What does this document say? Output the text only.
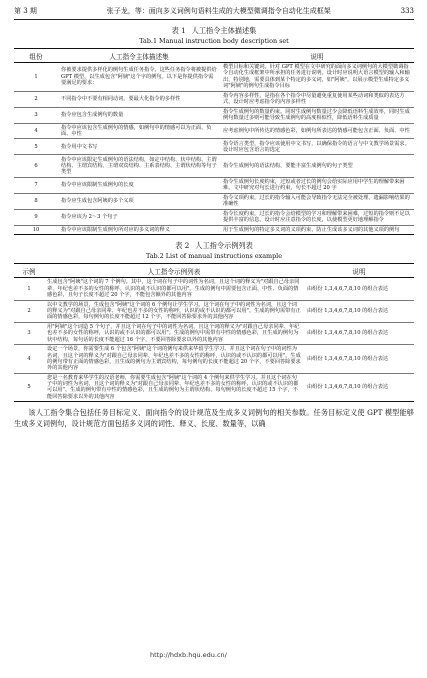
第 3 期	张子龙，等：面向多义词例句语料生成的大模型微调指令自动化生成框架	333
表 1 人工指令主体描述集
Tab.1 Manual instruction body description set
组份	人工指令主体描述集	说明
1	你被要求提供多样化的例句生成任务指令，这些任务指令将被提供给 GPT 模型，以生成包含"阿姨"这个字的例句。以下是你提供指令需要满足的要求：	模型目标和关键词。针对 GPT 模型在文中研究的面向多义词例句的大模型微调指令自动化生成框架中所承担的任务进行说明。设计时应说明大语言模型的输入和输出，特别地，需要具体到某个特定的多义词，如"阿姨"，以展示模型生成特定多义词"阿姨"的例句生成指令目标
2	不同指令中不要有相同动词，要最大化指令的多样性	指令内容多样性，是指在各个指令中尽量避免重复使用某些动词和类似的表达方式，设计时应考虑指令的内容多样性
3	指令应包含生成例句的数量	指令生成例句的数量约束。同时生成例句数量过少会降低语料生成效率，同时生成例句数量过多则可能导致生成例句的高度相似性，降低语料生成质量
4	指令中应该包含生成例句的情感，如例句中的情感可以为正面、负面、中性	应考虑例句中所传达的情感色彩，如例句所表达的情感可能包含正面、负面、中性
5	指令用中文书写	指令语言类型，指令应该使用中文书写，以确保指令的语言与中文教学场景需求。设计时应包含语言的选定
6	指令中应该限定生成例句的语法结构，如定中结构、状中结构、主谓结构、主谓宾结构、主谓双宾结构、主系表结构、主谓状结构等句子类型	指令生成例句的语法结构，要能丰富生成例句的句子类型
7	指令中应该限制生成例句的长度	指令生成例句长度约束，过短或者过长的例句会给实际应用中学生的理解带来困难。文中研究对句长进行约束，句长不超过 20 字
8	指令应生成包含阿姨的多个义项	指令义项约束，过长的指令输入可能会导致指令无法完全被处理，遗漏影响结果的准确性
9	指令应该为 2～3 个句子	指令长度约束，过长的指令会给模型的学习和理解带来困难，过短的指令则不足以提供丰富的信息。设计时应注意指令的长度，以使模型更好地理解指令
10	指令中应该限制生成例句所对应的多义词的释义	用于生成例句的特定多义词的义项约束，防止生成该多义词的其他义项的例句
表 2 人工指令示例列表
Tab.2 List of manual instructions example
示例	人工指令示例列表	说明
1	生成包含"阿姨"这个词的 7 个例句。其中，这个词在句子中的词性为名词，且这个词的释义为"对跟自己母亲同辈、年纪也差不多的女性的称呼。认识的或不认识的都可以用"。生成的例句中需要包含正面、中性、负面的情感色彩，且句子长度不超过 20 个字，不能包含额外的其他内容	由组份 1,3,4,6,7,8,10 的组合表达
2	以中文教学的场景，生成包含"阿姨"这个词的 6 个例句让学生学习。这个词在句子中的词性为名词，且这个词的释义为"对跟自己母亲同辈、年纪也差不多的女性的称呼，认识的或不认识的都可以用"。生成的例句需带有正面的情感色彩，每句例句的长度不能超过 12 个字，不能回答除要求外的其他内容	由组份 1,3,4,6,7,8,10 的组合表达
3	用"阿姨"这个词造 5 个句子，并且这个词在句子中的词性为名词，且这个词的释义为"对跟自己母亲同辈、年纪也差不多的女性的称呼，认识的或不认识的都可以用"。生成的例句中需带有中性的情感色彩，且生成的例句为状中结构，每句话的长度不能超过 16 个字，不要回答除要求以外的其他内容	由组份 1,3,4,6,7,8,10 的组合表达
4	设定一个场景，你需要生成 6 个包含"阿姨"这个词的例句来供来华留学生学习。并且这个词在句子中的词性为名词，且这个词的释义为"对跟自己母亲同辈、年纪也差不多的女性的称呼，认识的或不认识的都可以用"。生成的例句带有正面的情感色彩，且生成的例句为主谓宾结构，每句例句的长度不能超过 20 个字，不要回答除要求外的其他内容	由组份 1,3,4,6,7,8,10 的组合表达
5	您是一名教育来华学生的汉语老师，你需要生成包含"阿姨"这个词的 4 个例句来供学生学习。并且这个词在句子中的词性为名词，且这个词的释义为"对跟自己母亲同辈、年纪也差不多的女性的称呼，认识的或不认识的都可以用"。生成的例句带有中性的情感色彩，且生成的例句为主谓状结构，每句例句的长度不超过 15 个字，不能回答除要求以外的其他内容	由组份 1,3,4,6,7,8,10 的组合表达

该人工指令集合包括任务目标定义、面向指令的设计规范及生成多义词例句的相关参数。任务目标定义使 GPT 模型能够生成多义词例句，设计规范方面包括多义词的词性、释义、长度、数量等，以确

http://hdxb.hqu.edu.cn/
